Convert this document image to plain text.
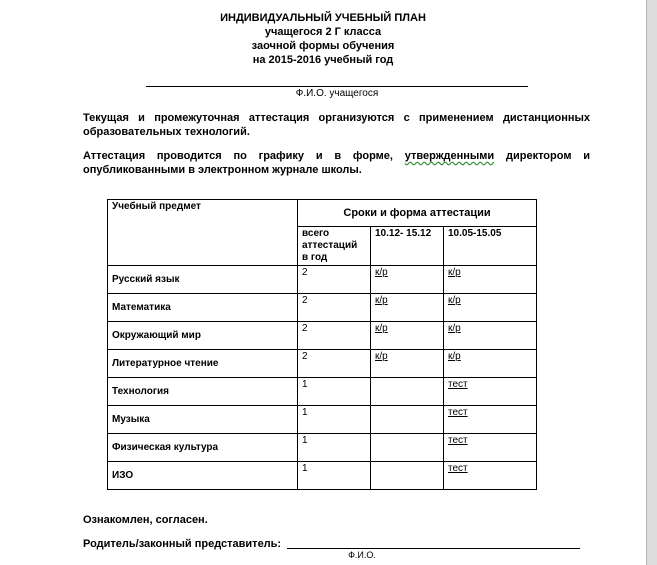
ИНДИВИДУАЛЬНЫЙ УЧЕБНЫЙ ПЛАН
учащегося 2 Г класса
заочной формы обучения
на 2015-2016 учебный год
Ф.И.О. учащегося
Текущая и промежуточная аттестация организуются с применением дистанционных образовательных технологий.
Аттестация проводится по графику и в форме, утвержденными директором и опубликованными в электронном журнале школы.
Учебный предмет	Сроки и форма аттестации		
	всего аттестаций в год	10.12- 15.12	10.05-15.05
Русский язык	2	к/р	к/р
Математика	2	к/р	к/р
Окружающий мир	2	к/р	к/р
Литературное чтение	2	к/р	к/р
Технология	1		тест
Музыка	1		тест
Физическая культура	1		тест
ИЗО	1		тест
Ознакомлен, согласен.
Родитель/законный представитель:
Ф.И.О.
